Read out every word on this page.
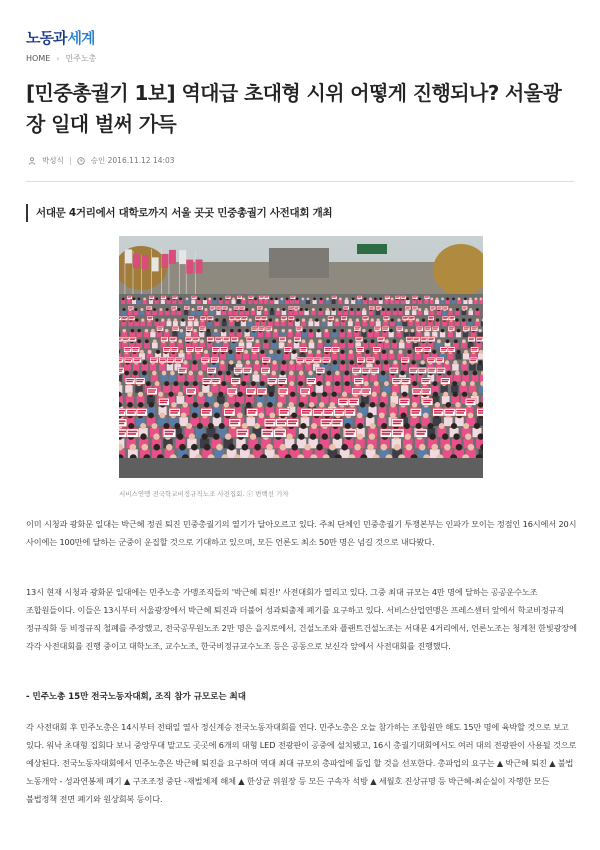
노동과 세계
HOME › 민주노총
[민중총궐기 1보] 역대급 초대형 시위 어떻게 진행되나? 서울광장 일대 벌써 가득
박성식	승인 2016.11.12 14:03
서대문 4거리에서 대학로까지 서울 곳곳 민중총궐기 사전대회 개최
서비스연맹 전국학교비정규직노조 사전집회. ⓒ 변백선 기자

이미 시청과 광화문 일대는 박근혜 정권 퇴진 민중총궐기의 열기가 달아오르고 있다. 주최 단체인 민중총궐기 투쟁본부는 인파가 모이는 정점인 16시에서 20시 사이에는 100만에 달하는 군중이 운집할 것으로 기대하고 있으며, 모든 언론도 최소 50만 명은 넘길 것으로 내다봤다.

13시 현재 시청과 광화문 일대에는 민주노총 가맹조직들의 '박근혜 퇴진!' 사전대회가 열리고 있다. 그중 최대 규모는 4만 명에 달하는 공공운수노조 조합원들이다. 이들은 13시부터 서울광장에서 박근혜 퇴진과 더불어 성과퇴출제 폐기를 요구하고 있다. 서비스산업연맹은 프레스센터 앞에서 학교비정규직 정규직화 등 비정규직 철폐를 주장했고, 전국공무원노조 2만 명은 을지로에서, 건설노조와 플랜트건설노조는 서대문 4거리에서, 언론노조는 청계천 한빛광장에 각각 사전대회를 진행 중이고 대학노조, 교수노조, 한국비정규교수노조 등은 공동으로 보신각 앞에서 사전대회를 진행했다.

- 민주노총 15만 전국노동자대회, 조직 참가 규모로는 최대

각 사전대회 후 민주노총은 14시부터 전태일 열사 정신계승 전국노동자대회를 연다. 민주노총은 오늘 참가하는 조합원만 해도 15만 명에 육박할 것으로 보고 있다. 워낙 초대형 집회다 보니 중앙무대 말고도 곳곳에 6개의 대형 LED 전광판이 공중에 설치됐고, 16시 총궐기대회에서도 여러 대의 전광판이 사용될 것으로 예상된다. 전국노동자대회에서 민주노총은 박근혜 퇴진을 요구하며 역대 최대 규모의 총파업에 돌입 할 것을 선포한다. 총파업의 요구는 ▲ 박근혜 퇴진 ▲ 불법 노동개악 - 성과연봉제 폐기 ▲ 구조조정 중단 -재벌체제 해체 ▲ 한상균 위원장 등 모든 구속자 석방 ▲ 세월호 진상규명 등 박근혜-최순실이 자행한 모든 불법정책 전면 폐기와 원상회복 등이다.
